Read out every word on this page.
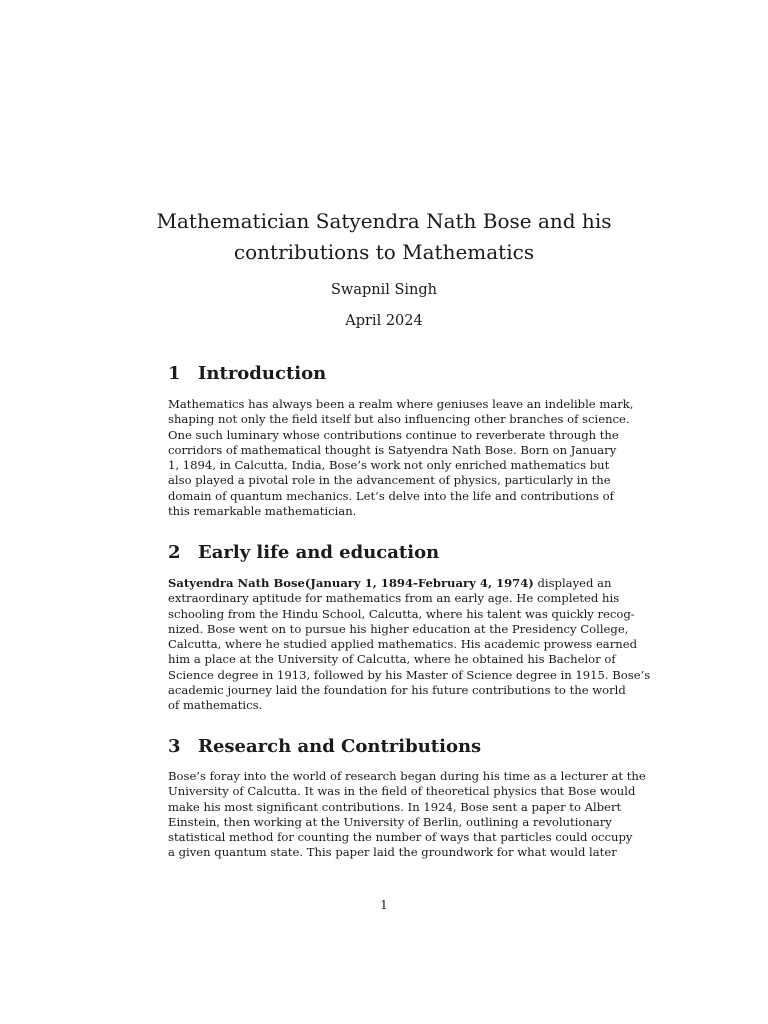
Mathematician Satyendra Nath Bose and his
contributions to Mathematics
Swapnil Singh
April 2024
1 Introduction
Mathematics has always been a realm where geniuses leave an indelible mark,
shaping not only the field itself but also influencing other branches of science.
One such luminary whose contributions continue to reverberate through the
corridors of mathematical thought is Satyendra Nath Bose. Born on January
1, 1894, in Calcutta, India, Bose’s work not only enriched mathematics but
also played a pivotal role in the advancement of physics, particularly in the
domain of quantum mechanics. Let’s delve into the life and contributions of
this remarkable mathematician.
2 Early life and education
Satyendra Nath Bose(January 1, 1894-February 4, 1974) displayed an
extraordinary aptitude for mathematics from an early age. He completed his
schooling from the Hindu School, Calcutta, where his talent was quickly recog-
nized. Bose went on to pursue his higher education at the Presidency College,
Calcutta, where he studied applied mathematics. His academic prowess earned
him a place at the University of Calcutta, where he obtained his Bachelor of
Science degree in 1913, followed by his Master of Science degree in 1915. Bose’s
academic journey laid the foundation for his future contributions to the world
of mathematics.
3 Research and Contributions
Bose’s foray into the world of research began during his time as a lecturer at the
University of Calcutta. It was in the field of theoretical physics that Bose would
make his most significant contributions. In 1924, Bose sent a paper to Albert
Einstein, then working at the University of Berlin, outlining a revolutionary
statistical method for counting the number of ways that particles could occupy
a given quantum state. This paper laid the groundwork for what would later
1
